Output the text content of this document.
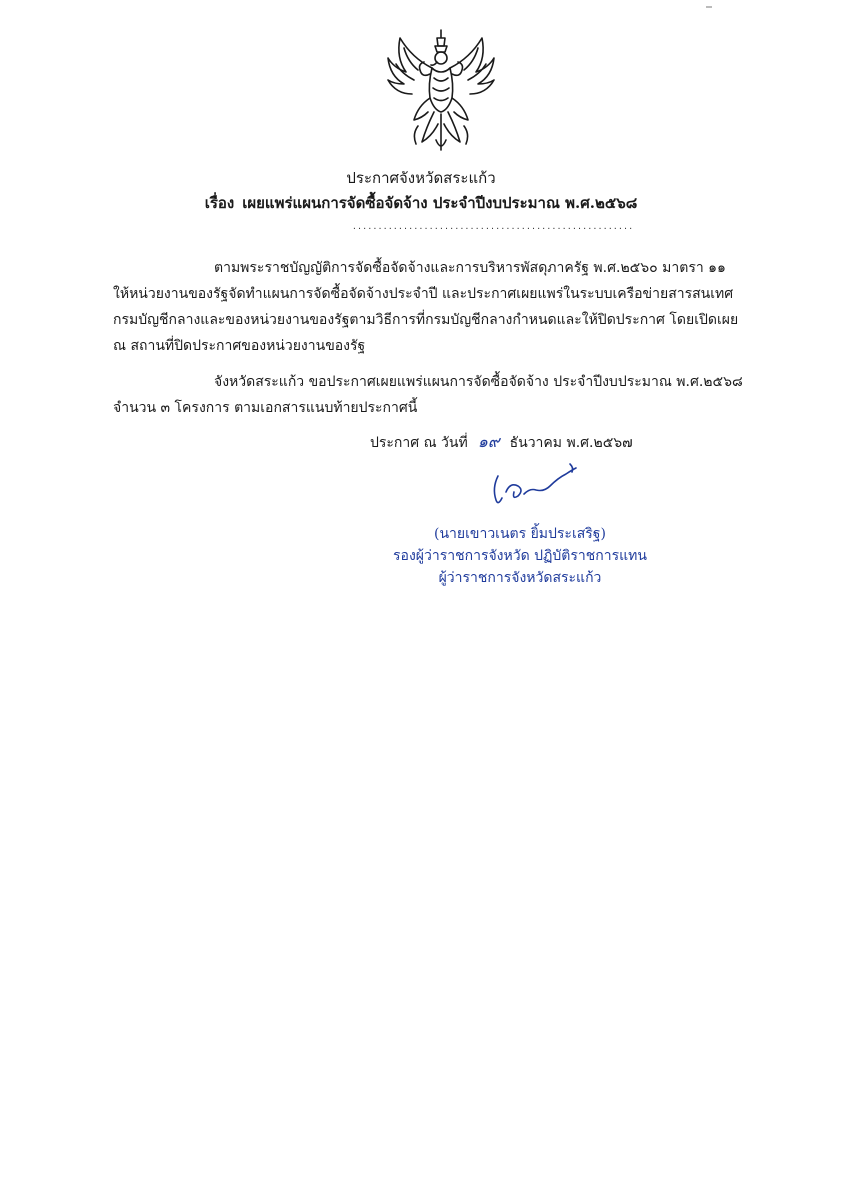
ประกาศจังหวัดสระแก้ว
เรื่อง เผยแพร่แผนการจัดซื้อจัดจ้าง ประจำปีงบประมาณ พ.ศ.๒๕๖๘
.......................................................
ตามพระราชบัญญัติการจัดซื้อจัดจ้างและการบริหารพัสดุภาครัฐ พ.ศ.๒๕๖๐ มาตรา ๑๑
ให้หน่วยงานของรัฐจัดทำแผนการจัดซื้อจัดจ้างประจำปี และประกาศเผยแพร่ในระบบเครือข่ายสารสนเทศ
กรมบัญชีกลางและของหน่วยงานของรัฐตามวิธีการที่กรมบัญชีกลางกำหนดและให้ปิดประกาศ โดยเปิดเผย
ณ สถานที่ปิดประกาศของหน่วยงานของรัฐ
จังหวัดสระแก้ว ขอประกาศเผยแพร่แผนการจัดซื้อจัดจ้าง ประจำปีงบประมาณ พ.ศ.๒๕๖๘
จำนวน ๓ โครงการ ตามเอกสารแนบท้ายประกาศนี้
ประกาศ ณ วันที่ ๑๙ ธันวาคม พ.ศ.๒๕๖๗
(นายเขาวเนตร ยิ้มประเสริฐ)
รองผู้ว่าราชการจังหวัด ปฏิบัติราชการแทน
ผู้ว่าราชการจังหวัดสระแก้ว
